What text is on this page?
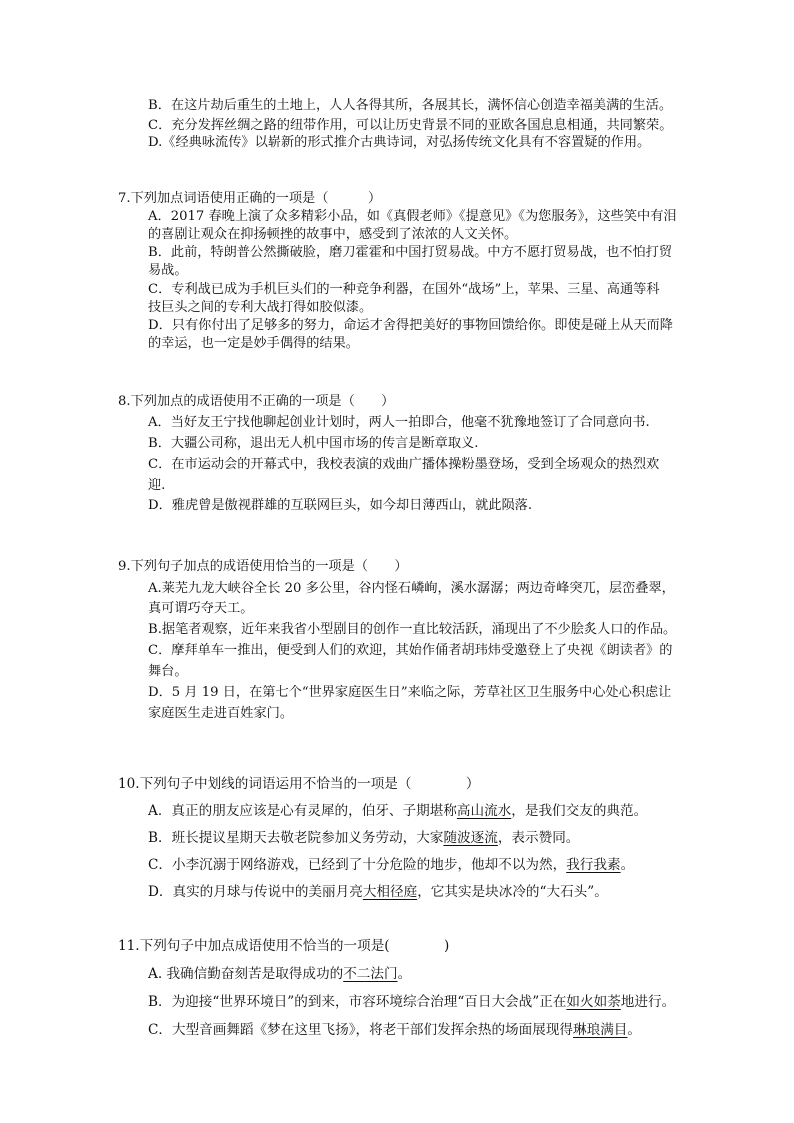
B．在这片劫后重生的土地上，人人各得其所，各展其长，满怀信心创造幸福美满的生活。
C．充分发挥丝绸之路的纽带作用，可以让历史背景不同的亚欧各国息息相通，共同繁荣。
D.《经典咏流传》以崭新的形式推介古典诗词，对弘扬传统文化具有不容置疑的作用。
7.下列加点词语使用正确的一项是（　　　）
A．2017 春晚上演了众多精彩小品，如《真假老师》《提意见》《为您服务》，这些笑中有泪
的喜剧让观众在抑扬顿挫的故事中，感受到了浓浓的人文关怀。
B．此前，特朗普公然撕破脸，磨刀霍霍和中国打贸易战。中方不愿打贸易战，也不怕打贸
易战。
C．专利战已成为手机巨头们的一种竞争利器，在国外“战场”上，苹果、三星、高通等科
技巨头之间的专利大战打得如胶似漆。
D．只有你付出了足够多的努力，命运才舍得把美好的事物回馈给你。即使是碰上从天而降
的幸运，也一定是妙手偶得的结果。
8.下列加点的成语使用不正确的一项是（　　）
A．当好友王宁找他聊起创业计划时，两人一拍即合，他毫不犹豫地签订了合同意向书.
B．大疆公司称，退出无人机中国市场的传言是断章取义.
C．在市运动会的开幕式中，我校表演的戏曲广播体操粉墨登场，受到全场观众的热烈欢
迎.
D．雅虎曾是傲视群雄的互联网巨头，如今却日薄西山，就此陨落.
9.下列句子加点的成语使用恰当的一项是（　　）
A.莱芜九龙大峡谷全长 20 多公里，谷内怪石嶙峋，溪水潺潺；两边奇峰突兀，层峦叠翠，
真可谓巧夺天工。
B.据笔者观察，近年来我省小型剧目的创作一直比较活跃，涌现出了不少脍炙人口的作品。
C．摩拜单车一推出，便受到人们的欢迎，其始作俑者胡玮炜受邀登上了央视《朗读者》的
舞台。
D．5 月 19 日，在第七个“世界家庭医生日”来临之际，芳草社区卫生服务中心处心积虑让
家庭医生走进百姓家门。
10.下列句子中划线的词语运用不恰当的一项是（　　　　）
A．真正的朋友应该是心有灵犀的，伯牙、子期堪称高山流水，是我们交友的典范。
B．班长提议星期天去敬老院参加义务劳动，大家随波逐流，表示赞同。
C．小李沉溺于网络游戏，已经到了十分危险的地步，他却不以为然，我行我素。
D．真实的月球与传说中的美丽月亮大相径庭，它其实是块冰冷的“大石头”。
11.下列句子中加点成语使用不恰当的一项是(　　　　)
A. 我确信勤奋刻苦是取得成功的不二法门。
B．为迎接“世界环境日”的到来，市容环境综合治理“百日大会战”正在如火如荼地进行。
C．大型音画舞蹈《梦在这里飞扬》，将老干部们发挥余热的场面展现得琳琅满目。
